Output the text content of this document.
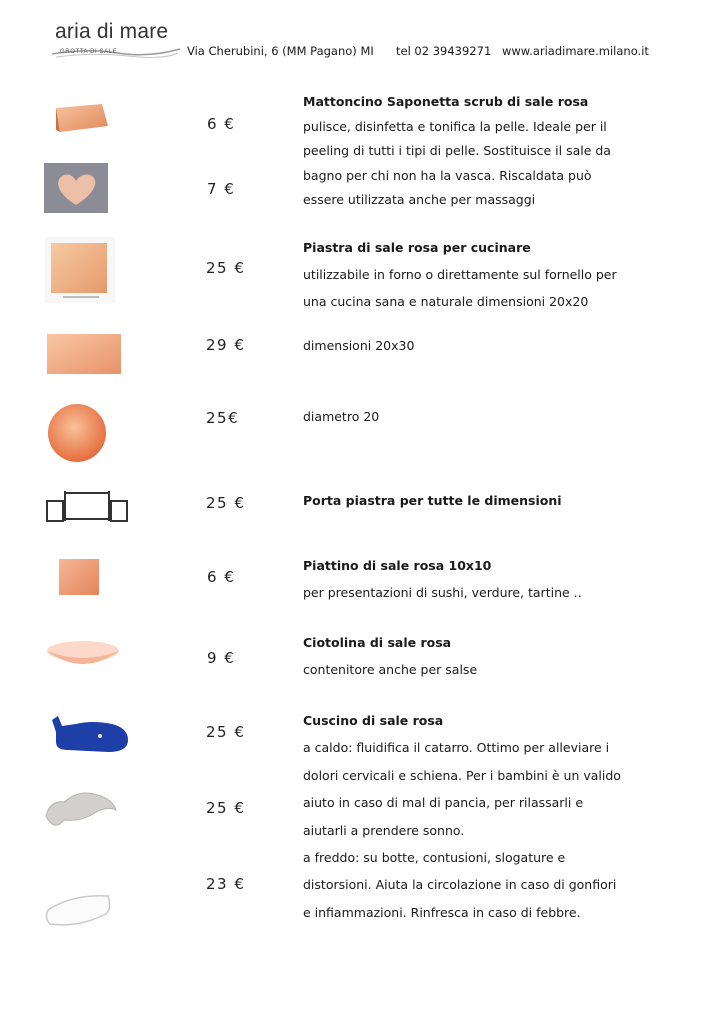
aria di mare
GROTTA DI SALE	Via Cherubini, 6 (MM Pagano) MI tel 02 39439271 www.ariadimare.milano.it
6 €
7 €
25 €
29 €
25€
25 €
6 €
9 €
25 €
25 €
23 €
Mattoncino Saponetta scrub di sale rosa
pulisce, disinfetta e tonifica la pelle. Ideale per il
peeling di tutti i tipi di pelle. Sostituisce il sale da
bagno per chi non ha la vasca. Riscaldata può
essere utilizzata anche per massaggi
Piastra di sale rosa per cucinare
utilizzabile in forno o direttamente sul fornello per
una cucina sana e naturale dimensioni 20x20
dimensioni 20x30
diametro 20
Porta piastra per tutte le dimensioni
Piattino di sale rosa 10x10
per presentazioni di sushi, verdure, tartine ..
Ciotolina di sale rosa
contenitore anche per salse
Cuscino di sale rosa
a caldo: fluidifica il catarro. Ottimo per alleviare i
dolori cervicali e schiena. Per i bambini è un valido
aiuto in caso di mal di pancia, per rilassarli e
aiutarli a prendere sonno.
a freddo: su botte, contusioni, slogature e
distorsioni. Aiuta la circolazione in caso di gonfiori
e infiammazioni. Rinfresca in caso di febbre.
